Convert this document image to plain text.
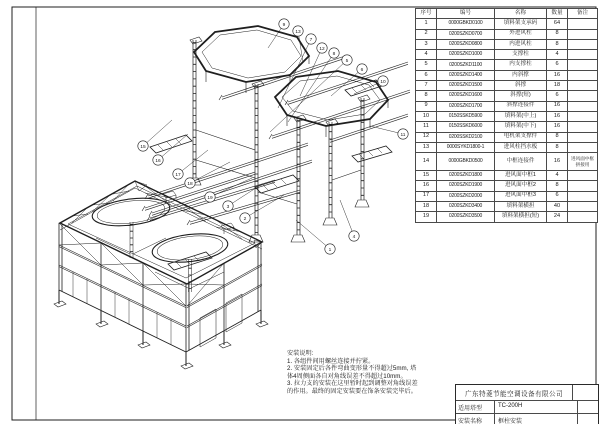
9
13
7
12
8
5
6
10
11
15
16
17
18
19
3
2
4
1
序号	编号	名称	数量	备注
1	0000GBKD0100	填料架支承码	64	
2	0200SZKD0700	外进风柱	8	
3	0200SZKD0800	内进风柱	8	
4	0200SZKD1000	支撑柱	4	
5	0200SZKD1100	内支撑柱	6	
6	0200SZKD1400	内斜撑	16	
7	0200SZKD1500	斜撑	18	
8	0200SZKD1600	斜撑(短)	6	
9	0200SZKD1700	斜撑连接件	16	
10	0150SSKD5900	填料架(中上)	16	
11	0150SSKD6000	填料架(中下)	16	
12	0200SSKD2100	电机架支撑件	8	
13	0000SYKD1800-1	进风柱挡水板	8	
14	0000GBKD0500	中框连接件	16	进风面中框拼接用
15	0200SZKD1800	进风面中框1	4	
16	0200SZKD1900	进风面中框2	8	
17	0200SZKD2000	进风面中框3	6	
18	0200SZKD3400	填料架横担	40	
19	0200SZKD3500	填料架横担(短)	24	
安装说明:
1. 各组件间用螺丝连接并拧紧。
2. 安装固定后各件弯曲变形量不得超过5mm, 塔
体4周侧面各自对角线误差不得超过10mm。
3. 拉力支的安装在这里暂时起到调整对角线误差
的作用。最终的固定安装要在饰条安装完毕后。	广东特菱节能空调设备有限公司
适用塔型	TC-200H
安装名称	框柱安装
